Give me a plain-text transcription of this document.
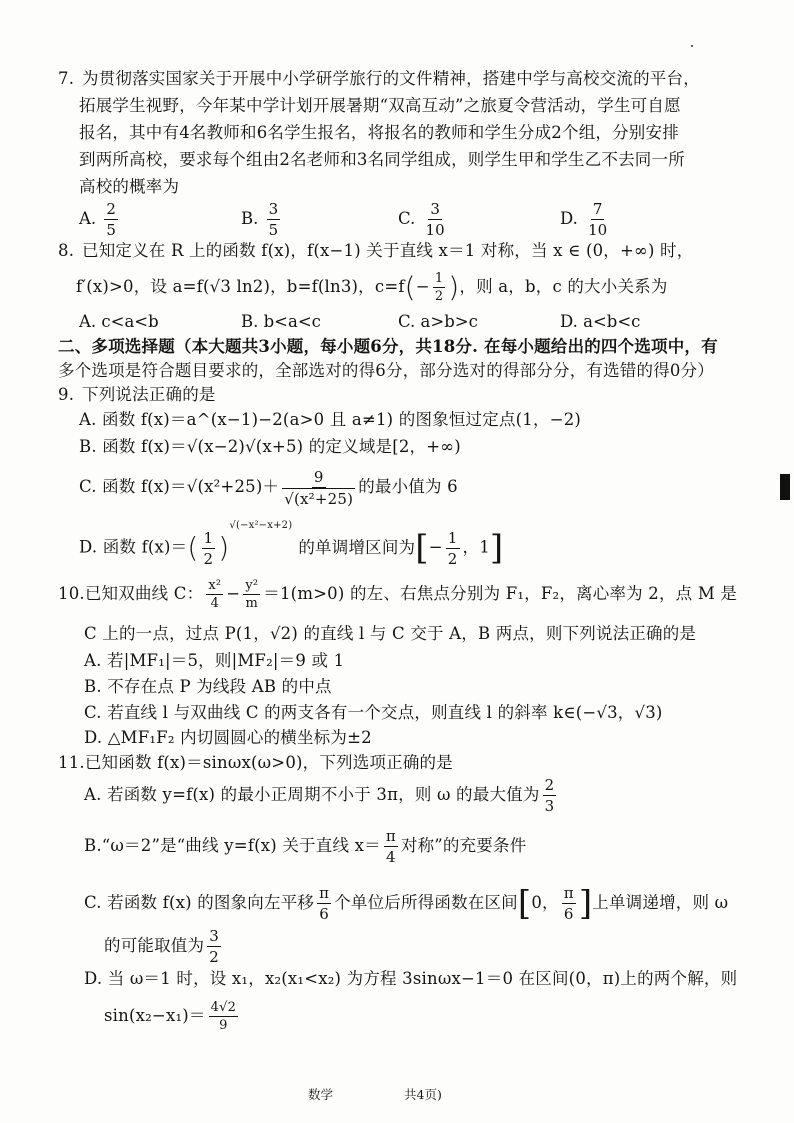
7. 为贯彻落实国家关于开展中小学研学旅行的文件精神，搭建中学与高校交流的平台，
拓展学生视野，今年某中学计划开展暑期“双高互动”之旅夏令营活动，学生可自愿
报名，其中有4名教师和6名学生报名，将报名的教师和学生分成2个组，分别安排
到两所高校，要求每个组由2名老师和3名同学组成，则学生甲和学生乙不去同一所
高校的概率为
A. $\frac{2}{5}$	B. $\frac{3}{5}$	C. $\frac{3}{10}$	D. $\frac{7}{10}$
8. 已知定义在 R 上的函数 f(x)，f(x−1) 关于直线 x＝1 对称，当 x ∈ (0，+∞) 时，
f′(x)>0，设 a=f(√3 ln2)，b=f(ln3)，$c=f(- \frac{1}{2}$ )，则 a，b，c 的大小关系为
A. c<a<b	B. b<a<c	C. a>b>c	D. a<b<c
二、多项选择题（本大题共3小题，每小题6分，共18分. 在每小题给出的四个选项中，有
多个选项是符合题目要求的，全部选对的得6分，部分选对的得部分分，有选错的得0分）
9. 下列说法正确的是
A. 函数 f(x)＝a^(x−1)−2(a>0 且 a≠1) 的图象恒过定点(1，−2)
B. 函数 f(x)＝√(x−2)√(x+5) 的定义域是[2，+∞)
C. 函数 $f(x)=√(x^2+25)+ \frac{9}{\text{√(x²+25)}}$ 的最小值为 6
D. 函数 $f(x)=( \frac{1}{2} )^{√(-x^2-x+2)}$的单调增区间为[− $\frac{1}{2}$ ，1]
10.已知双曲线 C： $\frac{\text{x²}}{4} - \frac{\text{y²}}{m} =1(m>0)$ 的左、右焦点分别为 F₁，F₂，离心率为 2，点 M 是
C 上的一点，过点 P(1，√2) 的直线 l 与 C 交于 A，B 两点，则下列说法正确的是
A. 若|MF₁|＝5，则|MF₂|＝9 或 1
B. 不存在点 P 为线段 AB 的中点
C. 若直线 l 与双曲线 C 的两支各有一个交点，则直线 l 的斜率 k∈(−√3，√3)
D. △MF₁F₂ 内切圆圆心的横坐标为±2
11.已知函数 f(x)＝sinωx(ω>0)，下列选项正确的是
A. 若函数 y=f(x) 的最小正周期不小于 3π，则 ω 的最大值为 $\frac{2}{3}$
B.“ω＝2”是“曲线 y=f(x) 关于直线 $x= \frac{\pi}{4}$ 对称”的充要条件
C. 若函数 f(x) 的图象向左平移 $\frac{\pi}{6}$ 个单位后所得函数在区间[0， $\frac{\pi}{6}$ ]上单调递增，则 ω
的可能取值为 $\frac{3}{2}$
D. 当 ω＝1 时，设 x₁，x₂(x₁<x₂) 为方程 3sinωx−1＝0 在区间(0，π)上的两个解，则
$\sin(x_2-x_1)= \frac{4√2}{9}$
数学	共4页)
